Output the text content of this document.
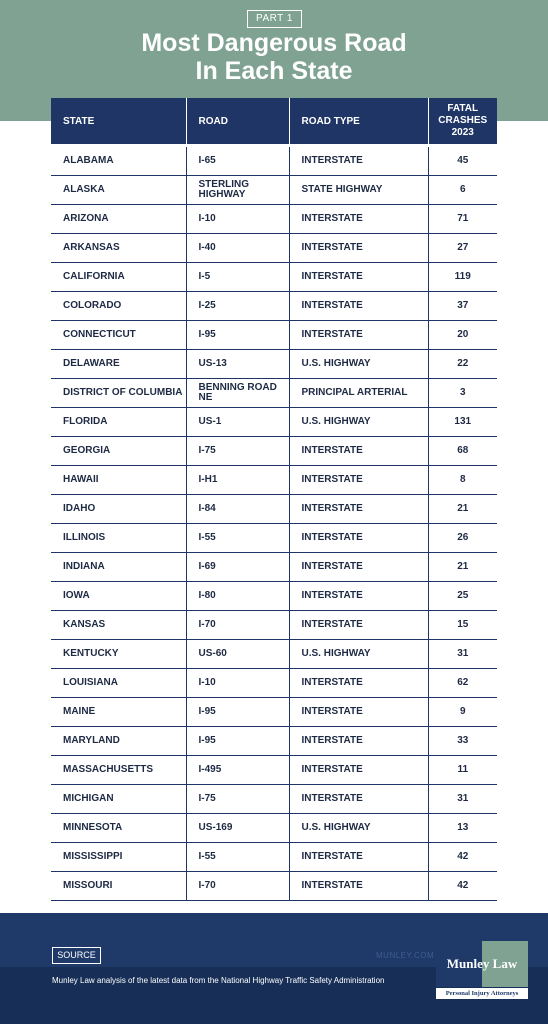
PART 1
Most Dangerous Road
In Each State
STATE	ROAD	ROAD TYPE	FATAL
CRASHES
2023

ALABAMA	I-65	INTERSTATE	45
ALASKA	STERLING HIGHWAY	STATE HIGHWAY	6
ARIZONA	I-10	INTERSTATE	71
ARKANSAS	I-40	INTERSTATE	27
CALIFORNIA	I-5	INTERSTATE	119
COLORADO	I-25	INTERSTATE	37
CONNECTICUT	I-95	INTERSTATE	20
DELAWARE	US-13	U.S. HIGHWAY	22
DISTRICT OF COLUMBIA	BENNING ROAD NE	PRINCIPAL ARTERIAL	3
FLORIDA	US-1	U.S. HIGHWAY	131
GEORGIA	I-75	INTERSTATE	68
HAWAII	I-H1	INTERSTATE	8
IDAHO	I-84	INTERSTATE	21
ILLINOIS	I-55	INTERSTATE	26
INDIANA	I-69	INTERSTATE	21
IOWA	I-80	INTERSTATE	25
KANSAS	I-70	INTERSTATE	15
KENTUCKY	US-60	U.S. HIGHWAY	31
LOUISIANA	I-10	INTERSTATE	62
MAINE	I-95	INTERSTATE	9
MARYLAND	I-95	INTERSTATE	33
MASSACHUSETTS	I-495	INTERSTATE	11
MICHIGAN	I-75	INTERSTATE	31
MINNESOTA	US-169	U.S. HIGHWAY	13
MISSISSIPPI	I-55	INTERSTATE	42
MISSOURI	I-70	INTERSTATE	42
SOURCE	MUNLEY.COM
Munley Law analysis of the latest data from the National Highway Traffic Safety Administration
Munley Law
Personal Injury Attorneys
